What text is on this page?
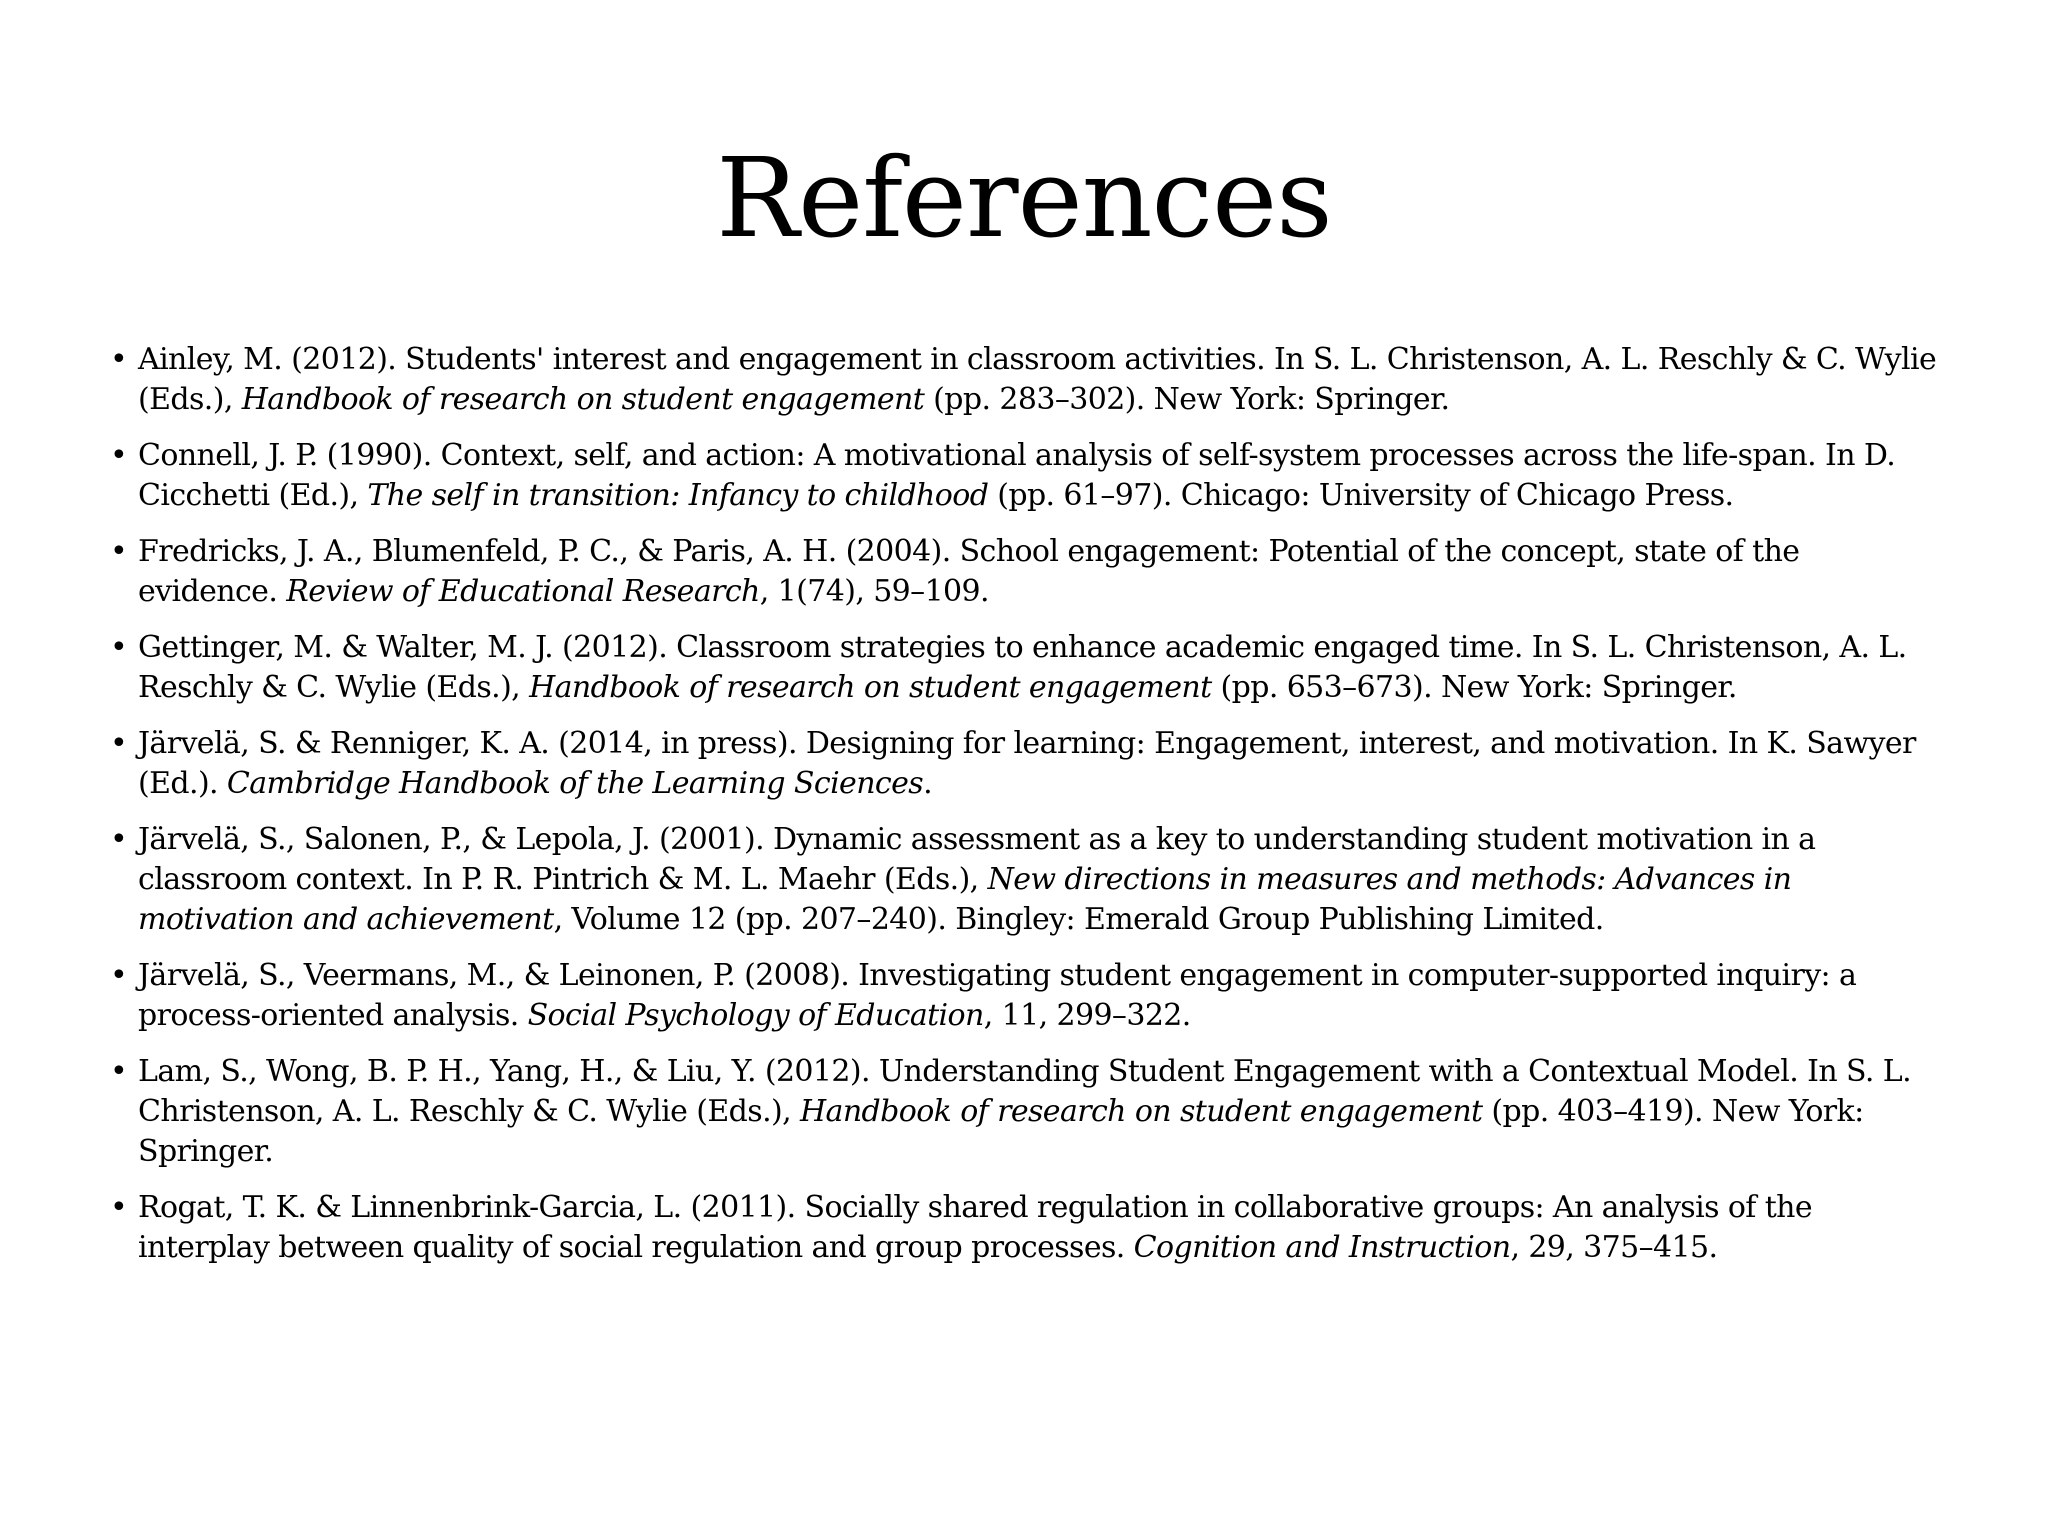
References
• Ainley, M. (2012). Students' interest and engagement in classroom activities. In S. L. Christenson, A. L. Reschly & C. Wylie (Eds.), Handbook of research on student engagement (pp. 283–302). New York: Springer.
• Connell, J. P. (1990). Context, self, and action: A motivational analysis of self-system processes across the life-span. In D. Cicchetti (Ed.), The self in transition: Infancy to childhood (pp. 61–97). Chicago: University of Chicago Press.
• Fredricks, J. A., Blumenfeld, P. C., & Paris, A. H. (2004). School engagement: Potential of the concept, state of the evidence. Review of Educational Research, 1(74), 59–109.
• Gettinger, M. & Walter, M. J. (2012). Classroom strategies to enhance academic engaged time. In S. L. Christenson, A. L. Reschly & C. Wylie (Eds.), Handbook of research on student engagement (pp. 653–673). New York: Springer.
• Järvelä, S. & Renniger, K. A. (2014, in press). Designing for learning: Engagement, interest, and motivation. In K. Sawyer (Ed.). Cambridge Handbook of the Learning Sciences.
• Järvelä, S., Salonen, P., & Lepola, J. (2001). Dynamic assessment as a key to understanding student motivation in a classroom context. In P. R. Pintrich & M. L. Maehr (Eds.), New directions in measures and methods: Advances in motivation and achievement, Volume 12 (pp. 207–240). Bingley: Emerald Group Publishing Limited.
• Järvelä, S., Veermans, M., & Leinonen, P. (2008). Investigating student engagement in computer-supported inquiry: a process-oriented analysis. Social Psychology of Education, 11, 299–322.
• Lam, S., Wong, B. P. H., Yang, H., & Liu, Y. (2012). Understanding Student Engagement with a Contextual Model. In S. L. Christenson, A. L. Reschly & C. Wylie (Eds.), Handbook of research on student engagement (pp. 403–419). New York: Springer.
• Rogat, T. K. & Linnenbrink-Garcia, L. (2011). Socially shared regulation in collaborative groups: An analysis of the interplay between quality of social regulation and group processes. Cognition and Instruction, 29, 375–415.
